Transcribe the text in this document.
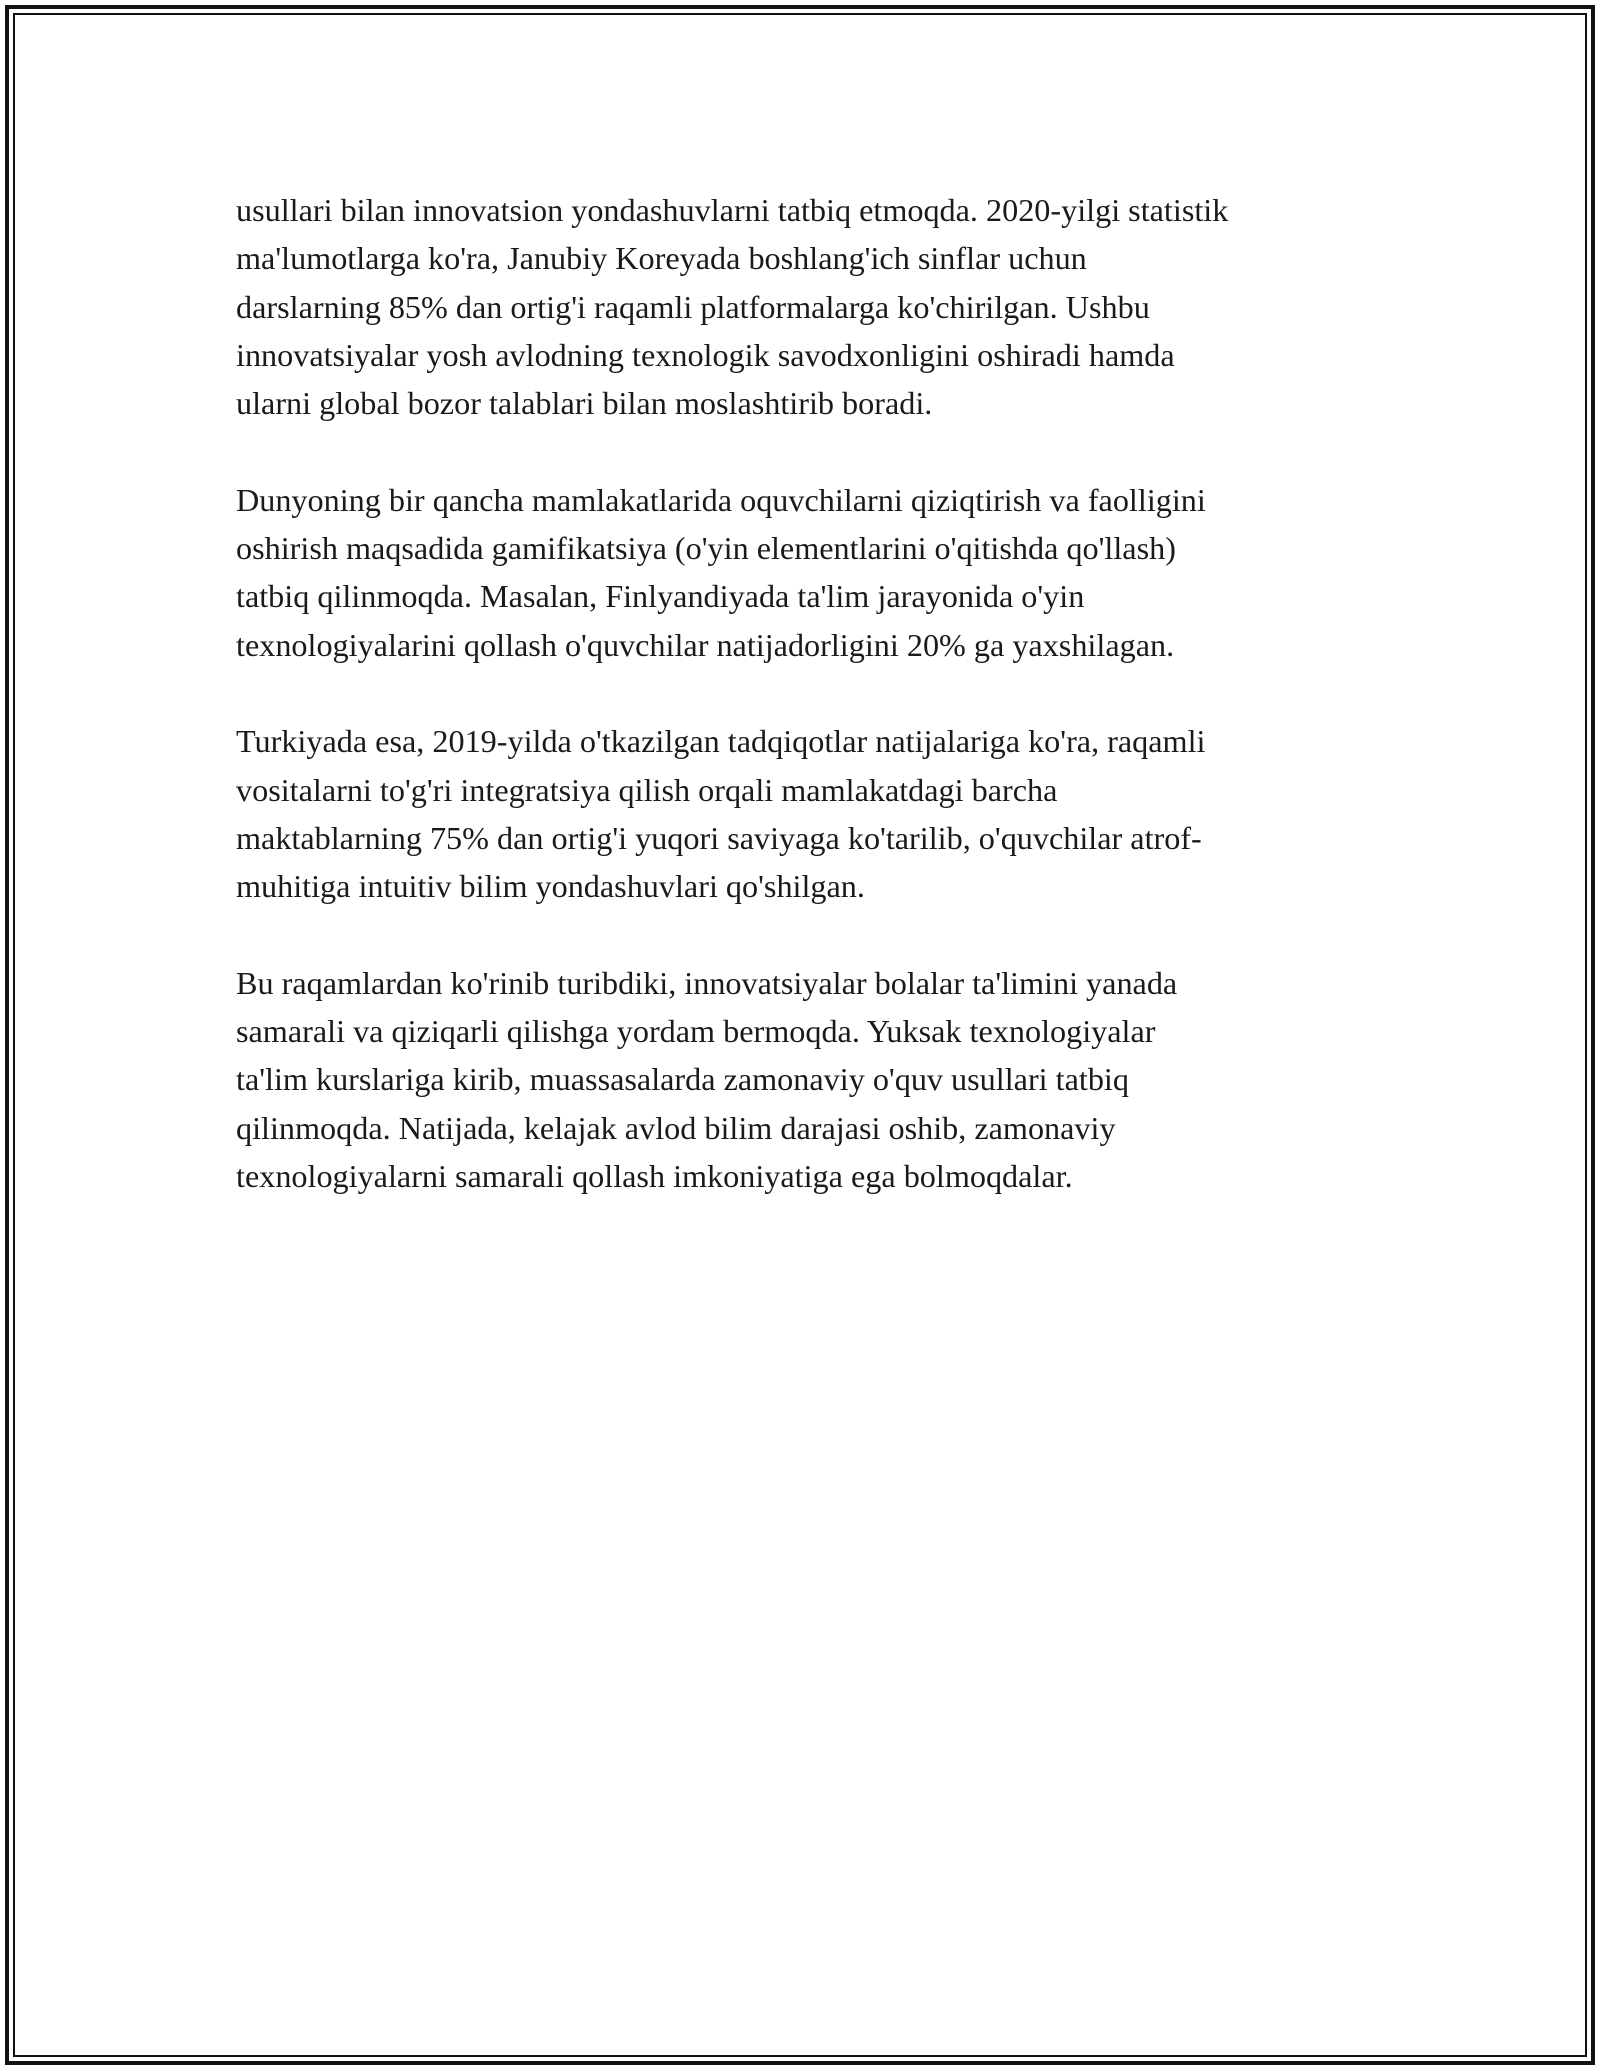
usullari bilan innovatsion yondashuvlarni tatbiq etmoqda. 2020-yilgi statistik
ma'lumotlarga ko'ra, Janubiy Koreyada boshlang'ich sinflar uchun
darslarning 85% dan ortig'i raqamli platformalarga ko'chirilgan. Ushbu
innovatsiyalar yosh avlodning texnologik savodxonligini oshiradi hamda
ularni global bozor talablari bilan moslashtirib boradi.

Dunyoning bir qancha mamlakatlarida oquvchilarni qiziqtirish va faolligini
oshirish maqsadida gamifikatsiya (o'yin elementlarini o'qitishda qo'llash)
tatbiq qilinmoqda. Masalan, Finlyandiyada ta'lim jarayonida o'yin
texnologiyalarini qollash o'quvchilar natijadorligini 20% ga yaxshilagan.

Turkiyada esa, 2019-yilda o'tkazilgan tadqiqotlar natijalariga ko'ra, raqamli
vositalarni to'g'ri integratsiya qilish orqali mamlakatdagi barcha
maktablarning 75% dan ortig'i yuqori saviyaga ko'tarilib, o'quvchilar atrof-
muhitiga intuitiv bilim yondashuvlari qo'shilgan.

Bu raqamlardan ko'rinib turibdiki, innovatsiyalar bolalar ta'limini yanada
samarali va qiziqarli qilishga yordam bermoqda. Yuksak texnologiyalar
ta'lim kurslariga kirib, muassasalarda zamonaviy o'quv usullari tatbiq
qilinmoqda. Natijada, kelajak avlod bilim darajasi oshib, zamonaviy
texnologiyalarni samarali qollash imkoniyatiga ega bolmoqdalar.
